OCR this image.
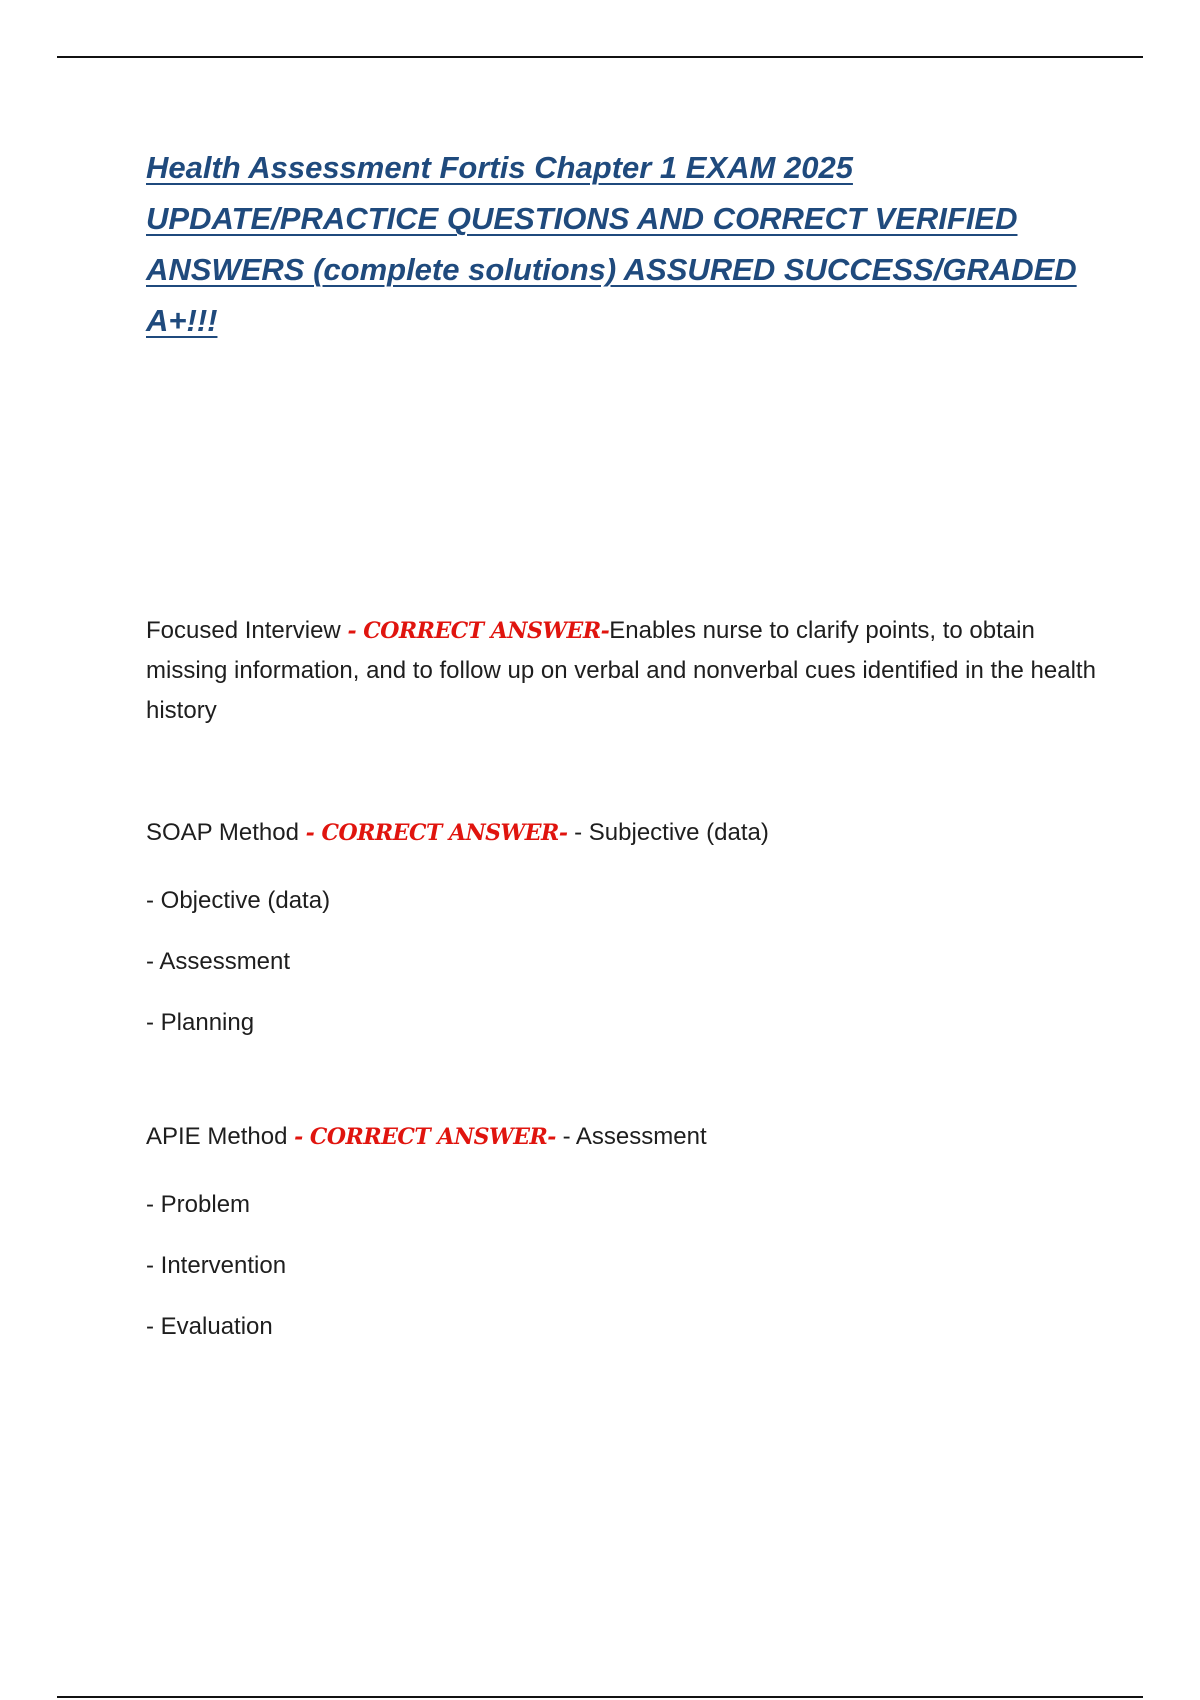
Health Assessment Fortis Chapter 1 EXAM 2025 UPDATE/PRACTICE QUESTIONS AND CORRECT VERIFIED ANSWERS (complete solutions) ASSURED SUCCESS/GRADED A+!!!

Focused Interview - CORRECT ANSWER-Enables nurse to clarify points, to obtain missing information, and to follow up on verbal and nonverbal cues identified in the health history

SOAP Method - CORRECT ANSWER- - Subjective (data)

- Objective (data)
- Assessment
- Planning

APIE Method - CORRECT ANSWER- - Assessment

- Problem
- Intervention
- Evaluation
